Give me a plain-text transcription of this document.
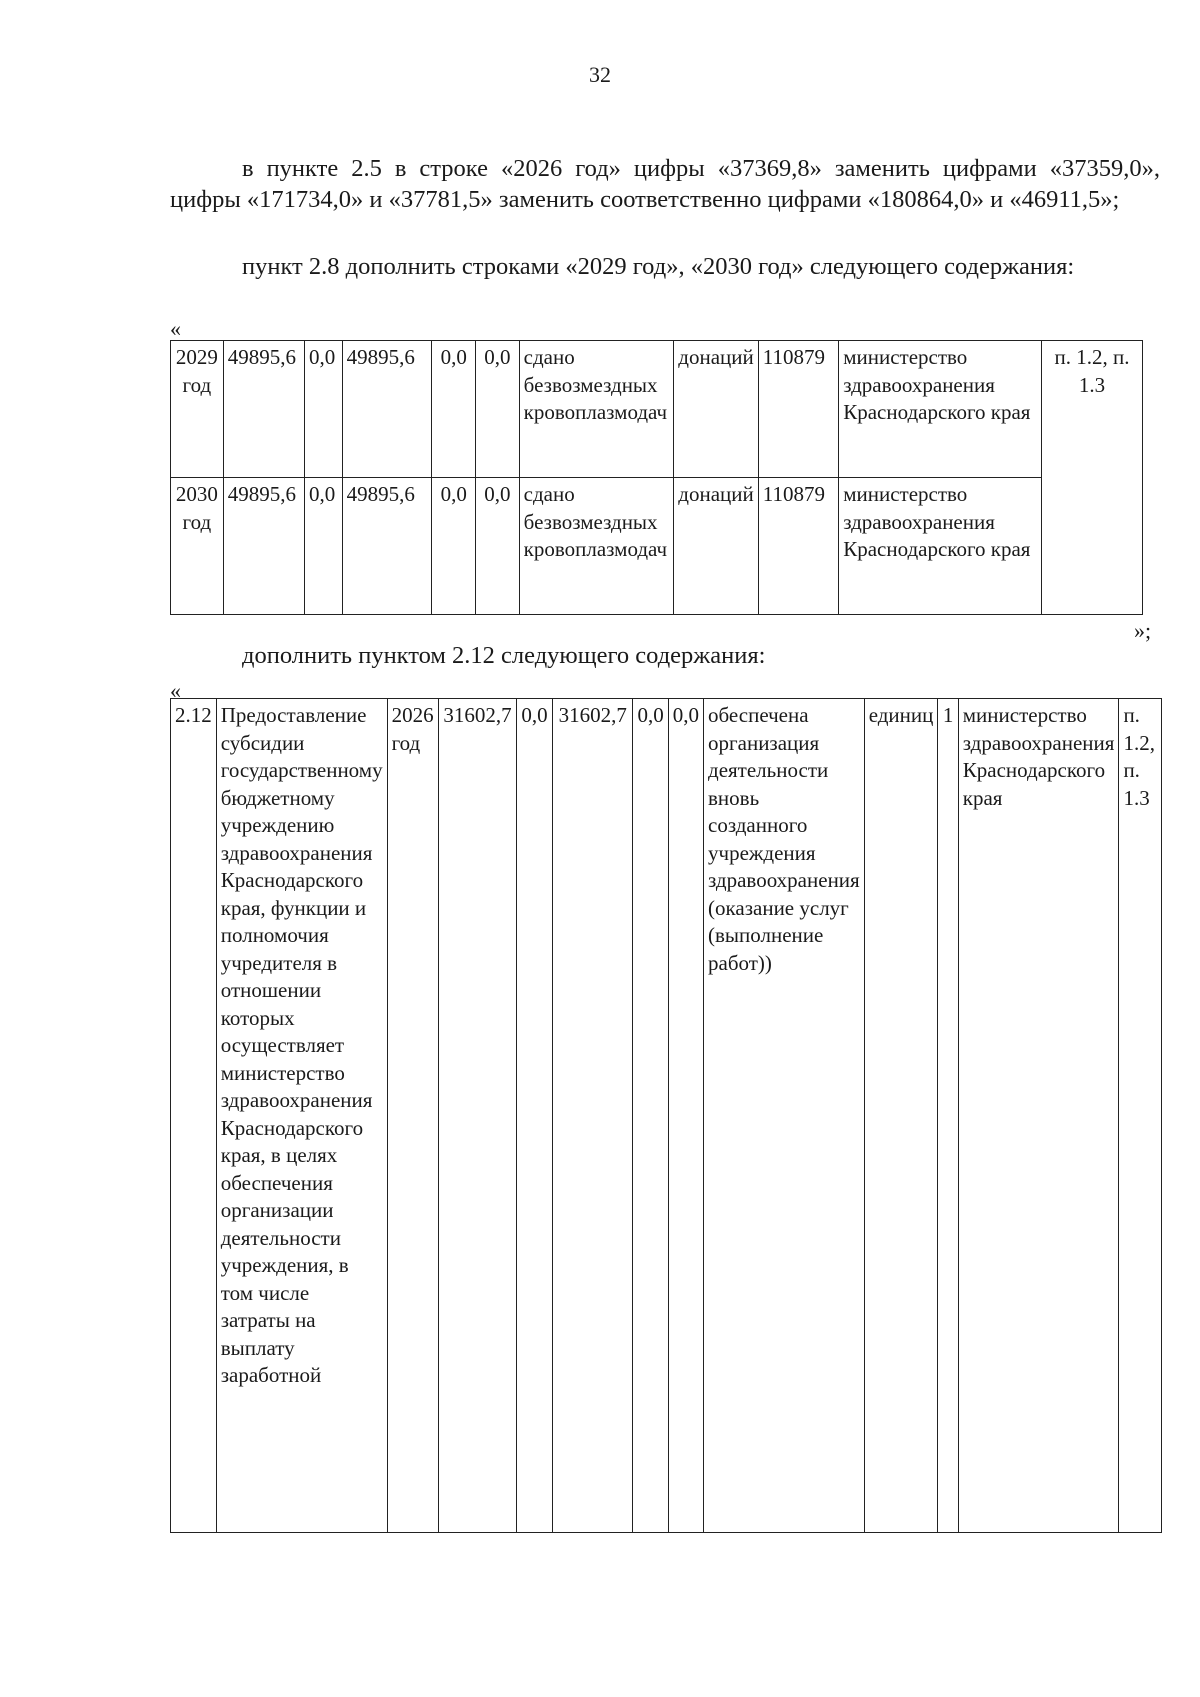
32

в пункте 2.5 в строке «2026 год» цифры «37369,8» заменить цифрами «37359,0», цифры «171734,0» и «37781,5» заменить соответственно цифрами «180864,0» и «46911,5»;

пункт 2.8 дополнить строками «2029 год», «2030 год» следующего содержания:

«
2029 год	49895,6	0,0	49895,6	0,0	0,0	сдано безвозмездных кровоплазмодач	донаций	110879	министерство здравоохранения Краснодарского края	п. 1.2, п. 1.3
2030 год	49895,6	0,0	49895,6	0,0	0,0	сдано безвозмездных кровоплазмодач	донаций	110879	министерство здравоохранения Краснодарского края	
»;

дополнить пунктом 2.12 следующего содержания:

«
2.12	Предоставление субсидии государственному бюджетному учреждению здравоохранения Краснодарского края, функции и полномочия учредителя в отношении которых осуществляет министерство здравоохранения Краснодарского края, в целях обеспечения организации деятельности учреждения, в том числе затраты на выплату заработной	2026 год	31602,7	0,0	31602,7	0,0	0,0	обеспечена организация деятельности вновь созданного учреждения здравоохранения (оказание услуг (выполнение работ))	единиц	1	министерство здравоохранения Краснодарского края	п. 1.2, п. 1.3
